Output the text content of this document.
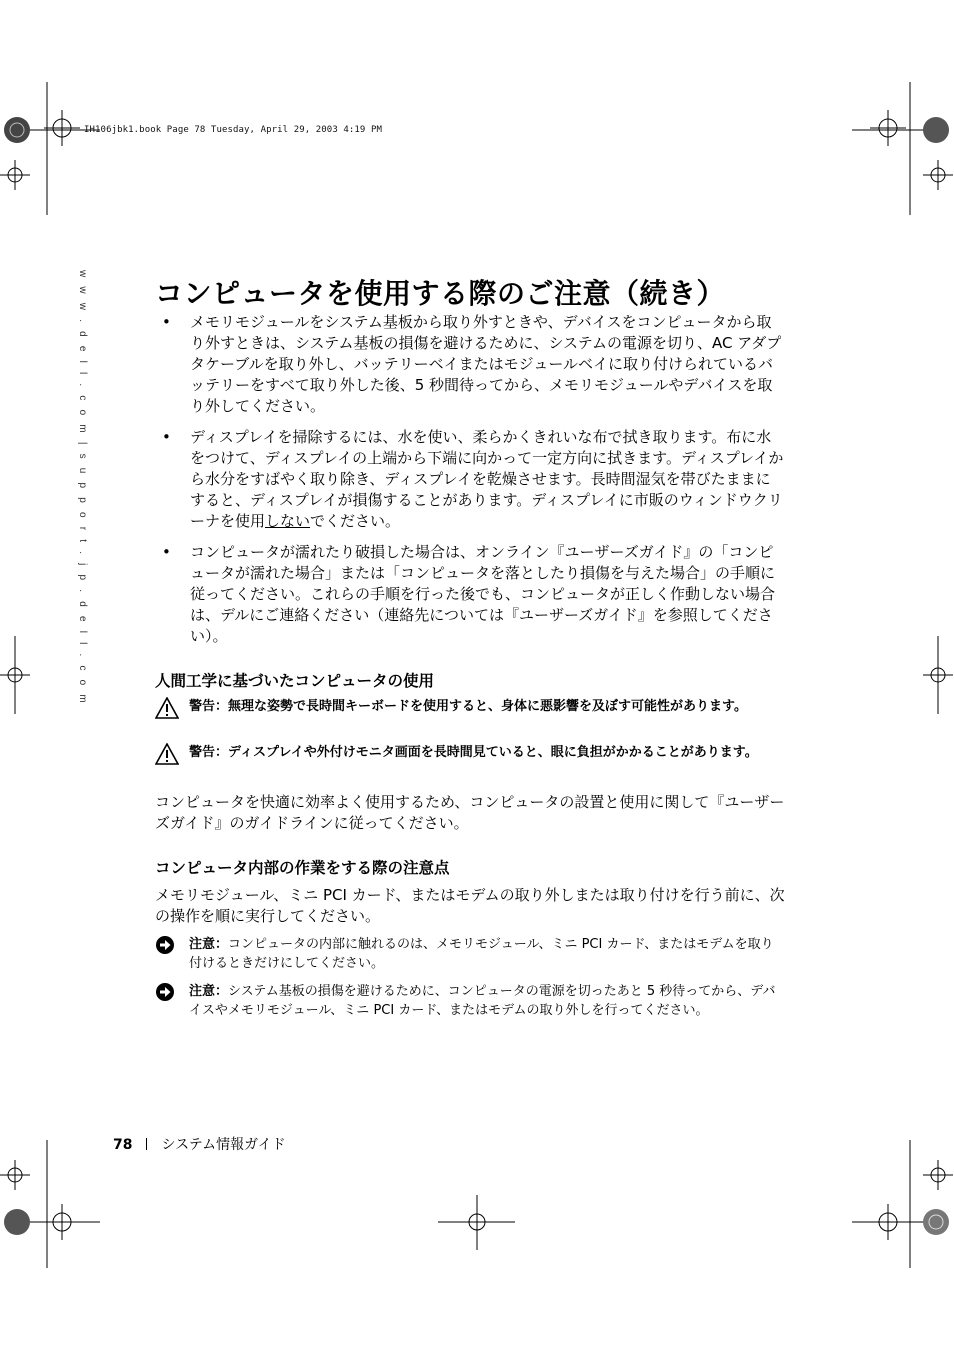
IH106jbk1.book Page 78 Tuesday, April 29, 2003 4:19 PM
w w w . d e l l . c o m | s u p p o r t . j p . d e l l . c o m コンピュータを使用する際のご注意（続き）
• メモリモジュールをシステム基板から取り外すときや、デバイスをコンピュータから取り外すときは、システム基板の損傷を避けるために、システムの電源を切り、AC アダプタケーブルを取り外し、バッテリーベイまたはモジュールベイに取り付けられているバッテリーをすべて取り外した後、5 秒間待ってから、メモリモジュールやデバイスを取り外してください。
• ディスプレイを掃除するには、水を使い、柔らかくきれいな布で拭き取ります。布に水をつけて、ディスプレイの上端から下端に向かって一定方向に拭きます。ディスプレイから水分をすばやく取り除き、ディスプレイを乾燥させます。長時間湿気を帯びたままにすると、ディスプレイが損傷することがあります。ディスプレイに市販のウィンドウクリーナを使用しないでください。
• コンピュータが濡れたり破損した場合は、オンライン『ユーザーズガイド』の「コンピュータが濡れた場合」または「コンピュータを落としたり損傷を与えた場合」の手順に従ってください。これらの手順を行った後でも、コンピュータが正しく作動しない場合は、デルにご連絡ください（連絡先については『ユーザーズガイド』を参照してください）。
人間工学に基づいたコンピュータの使用
警告：無理な姿勢で長時間キーボードを使用すると、身体に悪影響を及ぼす可能性があります。
警告：ディスプレイや外付けモニタ画面を長時間見ていると、眼に負担がかかることがあります。
コンピュータを快適に効率よく使用するため、コンピュータの設置と使用に関して『ユーザーズガイド』のガイドラインに従ってください。
コンピュータ内部の作業をする際の注意点
メモリモジュール、ミニ PCI カード、またはモデムの取り外しまたは取り付けを行う前に、次の操作を順に実行してください。
注意：コンピュータの内部に触れるのは、メモリモジュール、ミニ PCI カード、またはモデムを取り付けるときだけにしてください。
注意：システム基板の損傷を避けるために、コンピュータの電源を切ったあと 5 秒待ってから、デバイスやメモリモジュール、ミニ PCI カード、またはモデムの取り外しを行ってください。
78 システム情報ガイド
